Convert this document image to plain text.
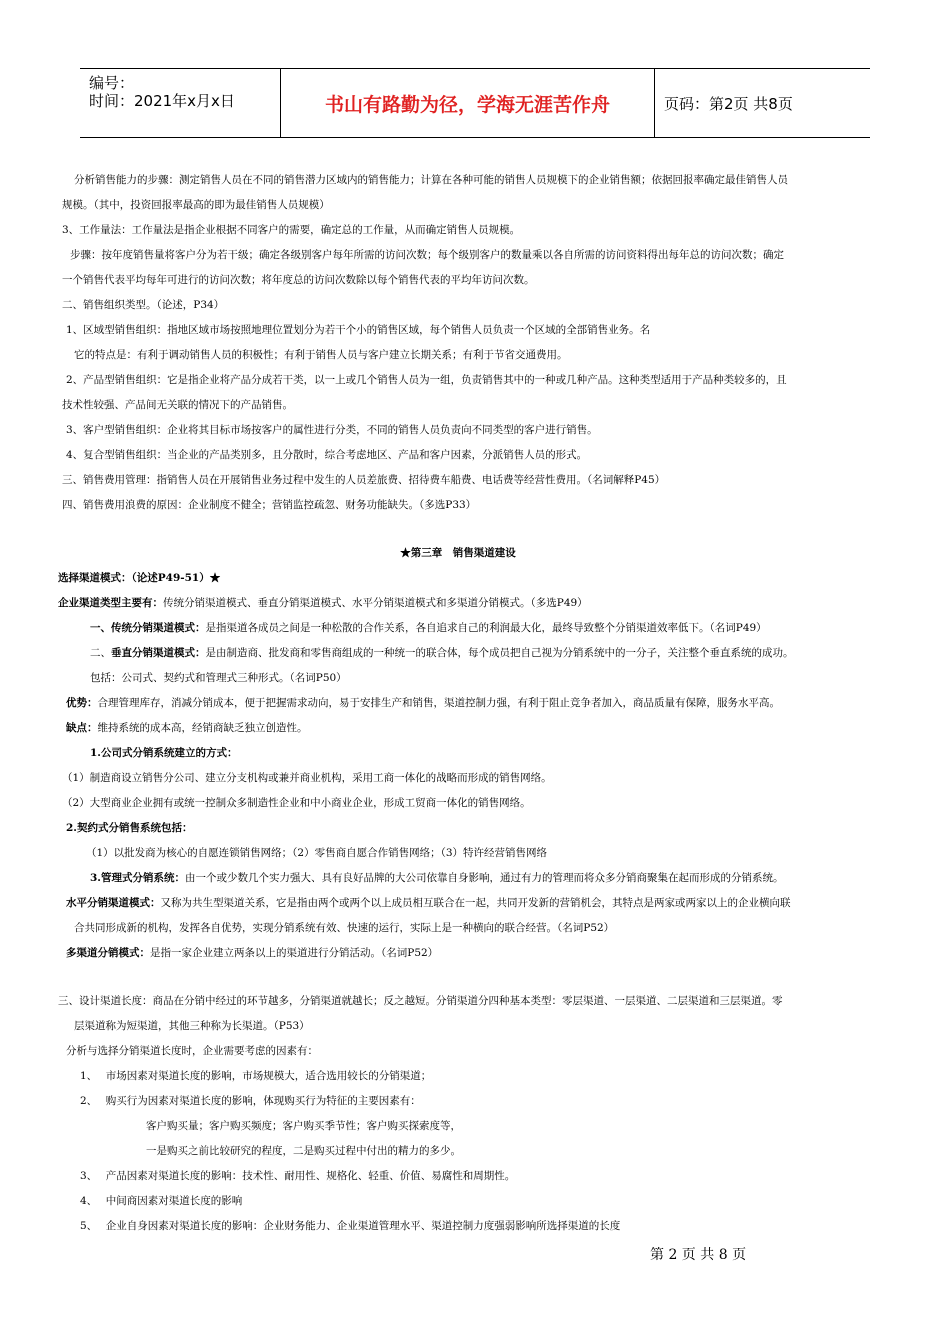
编号：
时间：2021年x月x日	书山有路勤为径，学海无涯苦作舟	页码：第2页 共8页

分析销售能力的步骤：测定销售人员在不同的销售潜力区域内的销售能力；计算在各种可能的销售人员规模下的企业销售额；依据回报率确定最佳销售人员

规模。（其中，投资回报率最高的即为最佳销售人员规模）

3、工作量法：工作量法是指企业根据不同客户的需要，确定总的工作量，从而确定销售人员规模。

步骤：按年度销售量将客户分为若干级；确定各级别客户每年所需的访问次数；每个级别客户的数量乘以各自所需的访问资料得出每年总的访问次数；确定

一个销售代表平均每年可进行的访问次数；将年度总的访问次数除以每个销售代表的平均年访问次数。

二、销售组织类型。（论述，P34）

1、区域型销售组织：指地区域市场按照地理位置划分为若干个小的销售区域，每个销售人员负责一个区域的全部销售业务。名

它的特点是：有利于调动销售人员的积极性；有利于销售人员与客户建立长期关系；有利于节省交通费用。

2、产品型销售组织：它是指企业将产品分成若干类，以一上或几个销售人员为一组，负责销售其中的一种或几种产品。这种类型适用于产品种类较多的，且

技术性较强、产品间无关联的情况下的产品销售。

3、客户型销售组织：企业将其目标市场按客户的属性进行分类，不同的销售人员负责向不同类型的客户进行销售。

4、复合型销售组织：当企业的产品类别多，且分散时，综合考虑地区、产品和客户因素，分派销售人员的形式。

三、销售费用管理：指销售人员在开展销售业务过程中发生的人员差旅费、招待费车船费、电话费等经营性费用。（名词解释P45）

四、销售费用浪费的原因：企业制度不健全；营销监控疏忽、财务功能缺失。（多选P33）

★第三章　销售渠道建设

选择渠道模式：（论述P49-51）★

企业渠道类型主要有：传统分销渠道模式、垂直分销渠道模式、水平分销渠道模式和多渠道分销模式。（多选P49）

一、传统分销渠道模式：是指渠道各成员之间是一种松散的合作关系，各自追求自己的利润最大化，最终导致整个分销渠道效率低下。（名词P49）

二、垂直分销渠道模式：是由制造商、批发商和零售商组成的一种统一的联合体，每个成员把自己视为分销系统中的一分子，关注整个垂直系统的成功。

包括：公司式、契约式和管理式三种形式。（名词P50）

优势：合理管理库存，消减分销成本，便于把握需求动向，易于安排生产和销售，渠道控制力强，有利于阻止竞争者加入，商品质量有保障，服务水平高。

缺点：维持系统的成本高，经销商缺乏独立创造性。

1.公司式分销系统建立的方式：

（1）制造商设立销售分公司、建立分支机构或兼并商业机构，采用工商一体化的战略而形成的销售网络。

（2）大型商业企业拥有或统一控制众多制造性企业和中小商业企业，形成工贸商一体化的销售网络。

2.契约式分销售系统包括：

（1）以批发商为核心的自愿连锁销售网络；（2）零售商自愿合作销售网络；（3）特许经营销售网络

3.管理式分销系统：由一个或少数几个实力强大、具有良好品牌的大公司依靠自身影响，通过有力的管理而将众多分销商聚集在起而形成的分销系统。

水平分销渠道模式：又称为共生型渠道关系，它是指由两个或两个以上成员相互联合在一起，共同开发新的营销机会，其特点是两家或两家以上的企业横向联

合共同形成新的机构，发挥各自优势，实现分销系统有效、快速的运行，实际上是一种横向的联合经营。（名词P52）

多渠道分销模式：是指一家企业建立两条以上的渠道进行分销活动。（名词P52）

三、设计渠道长度：商品在分销中经过的环节越多，分销渠道就越长；反之越短。分销渠道分四种基本类型：零层渠道、一层渠道、二层渠道和三层渠道。零

层渠道称为短渠道，其他三种称为长渠道。（P53）

分析与选择分销渠道长度时，企业需要考虑的因素有：

1、　 市场因素对渠道长度的影响，市场规模大，适合选用较长的分销渠道；

2、　 购买行为因素对渠道长度的影响，体现购买行为特征的主要因素有：

客户购买量；客户购买频度；客户购买季节性；客户购买探索度等，

一是购买之前比较研究的程度，二是购买过程中付出的精力的多少。

3、　 产品因素对渠道长度的影响：技术性、耐用性、规格化、轻重、价值、易腐性和周期性。

4、　 中间商因素对渠道长度的影响

5、　 企业自身因素对渠道长度的影响：企业财务能力、企业渠道管理水平、渠道控制力度强弱影响所选择渠道的长度

第 2 页 共 8 页
